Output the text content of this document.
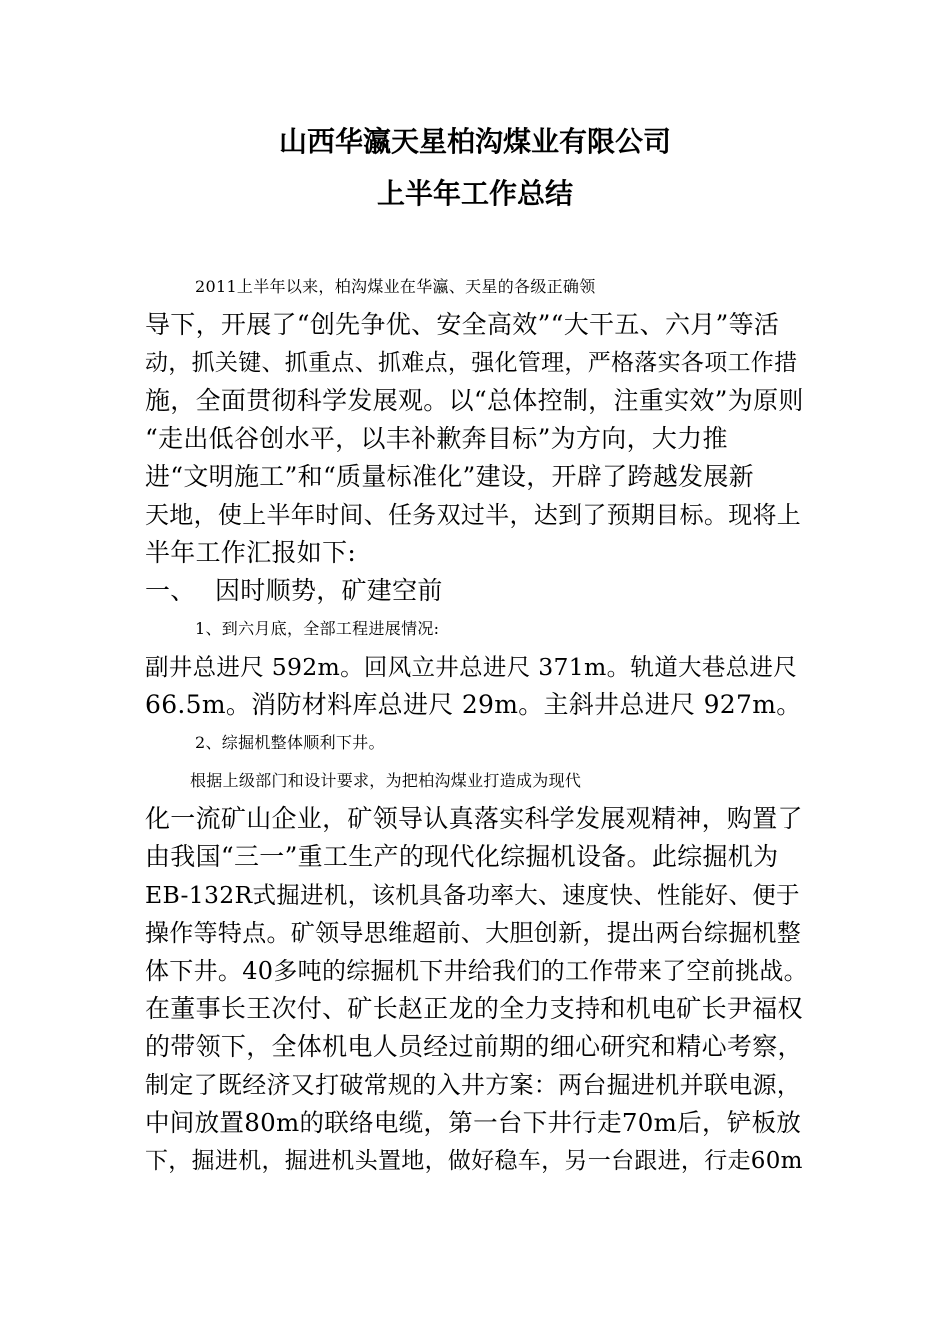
山西华瀛天星柏沟煤业有限公司
上半年工作总结

2011上半年以来，柏沟煤业在华瀛、天星的各级正确领

导下，开展了“创先争优、安全高效”“大干五、六月”等活

动，抓关键、抓重点、抓难点，强化管理，严格落实各项工作措

施，全面贯彻科学发展观。以“总体控制，注重实效”为原则

“走出低谷创水平，以丰补歉奔目标”为方向，大力推

进“文明施工”和“质量标准化”建设，开辟了跨越发展新

天地，使上半年时间、任务双过半，达到了预期目标。现将上

半年工作汇报如下:

一、 因时顺势，矿建空前

1、到六月底，全部工程进展情况:

副井总进尺 592m。回风立井总进尺 371m。轨道大巷总进尺

66.5m。消防材料库总进尺 29m。主斜井总进尺 927m。

2、综掘机整体顺利下井。

根据上级部门和设计要求，为把柏沟煤业打造成为现代

化一流矿山企业，矿领导认真落实科学发展观精神，购置了

由我国“三一”重工生产的现代化综掘机设备。此综掘机为

EB-132R式掘进机，该机具备功率大、速度快、性能好、便于

操作等特点。矿领导思维超前、大胆创新，提出两台综掘机整

体下井。40多吨的综掘机下井给我们的工作带来了空前挑战。

在董事长王次付、矿长赵正龙的全力支持和机电矿长尹福权

的带领下，全体机电人员经过前期的细心研究和精心考察，

制定了既经济又打破常规的入井方案：两台掘进机并联电源，

中间放置80m的联络电缆，第一台下井行走70m后，铲板放

下，掘进机，掘进机头置地，做好稳车，另一台跟进，行走60m
